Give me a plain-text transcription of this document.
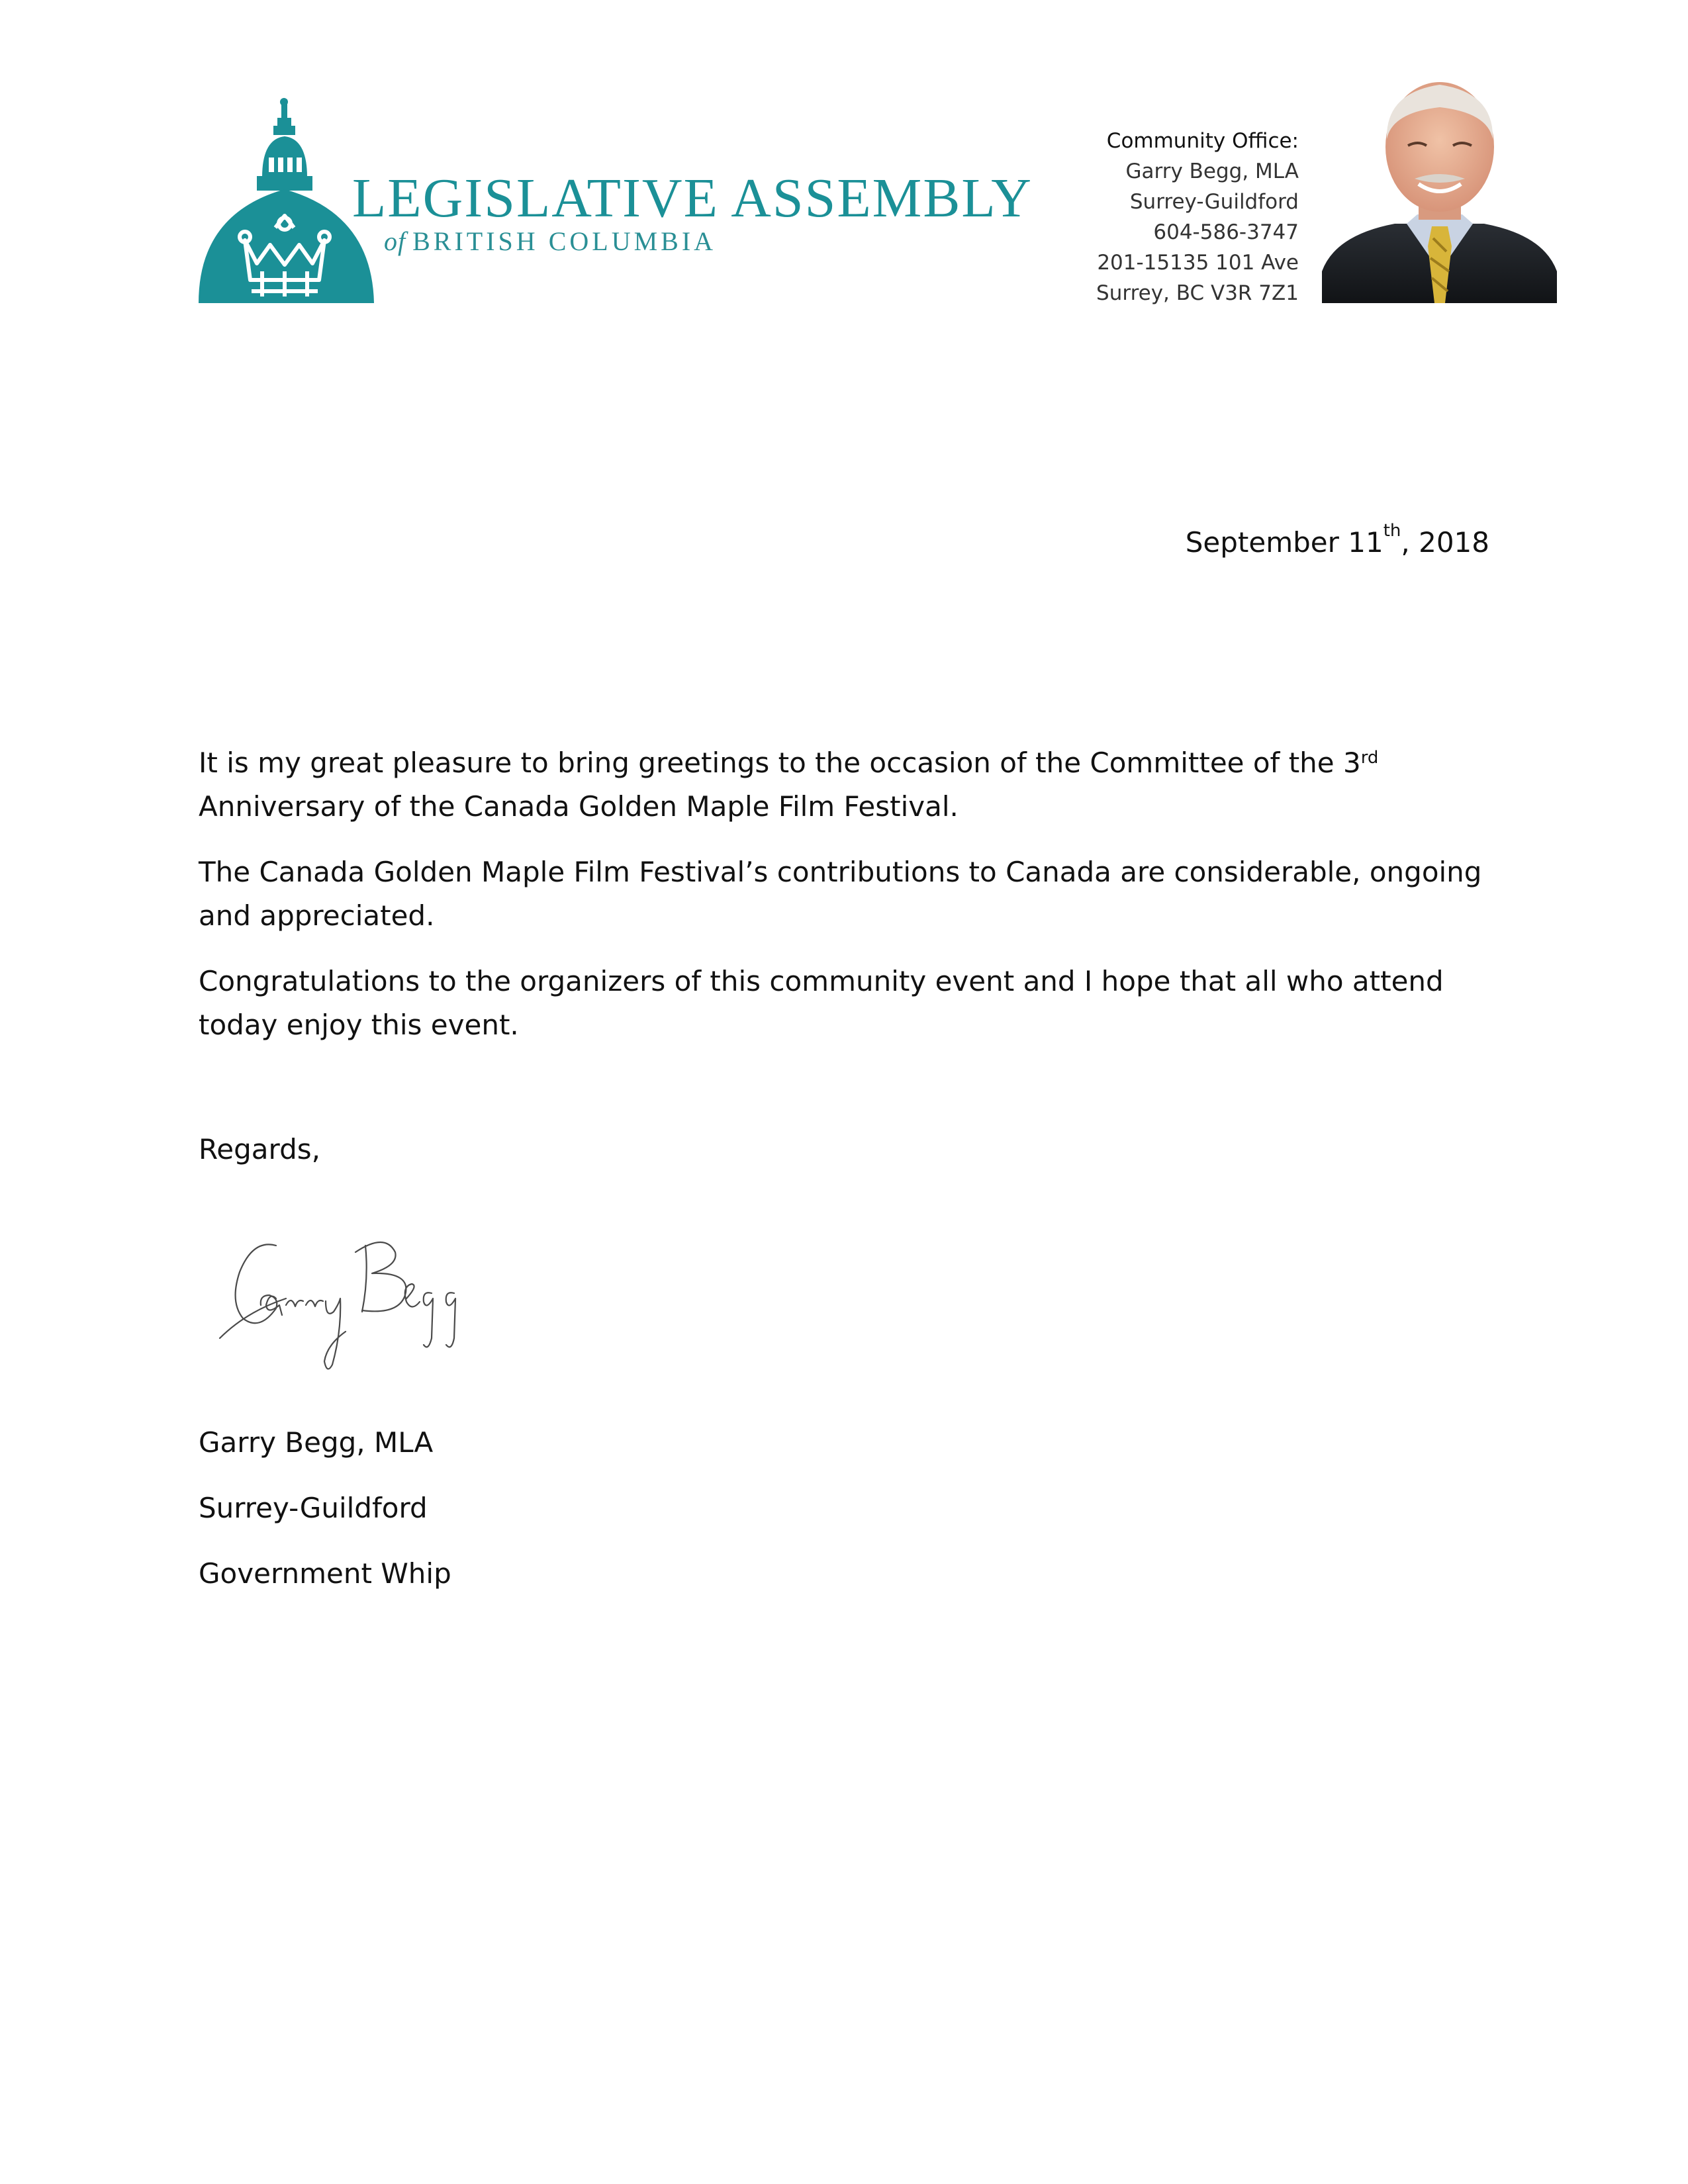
LEGISLATIVE ASSEMBLY
of BRITISH COLUMBIA
Community Office:
Garry Begg, MLA
Surrey-Guildford
604-586-3747
201-15135 101 Ave
Surrey, BC V3R 7Z1
September 11th, 2018

It is my great pleasure to bring greetings to the occasion of the Committee of the 3rd Anniversary of the Canada Golden Maple Film Festival.

The Canada Golden Maple Film Festival’s contributions to Canada are considerable, ongoing and appreciated.

Congratulations to the organizers of this community event and I hope that all who attend today enjoy this event.

Regards,
Garry Begg, MLA
Surrey-Guildford
Government Whip
